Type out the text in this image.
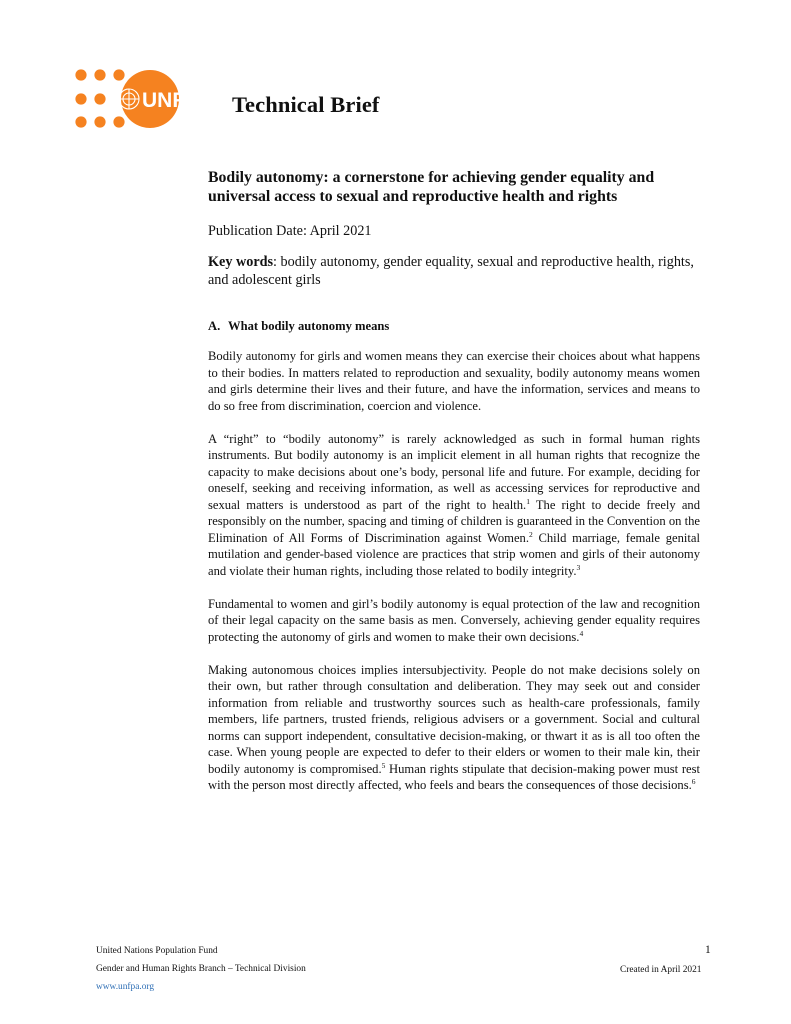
UNFPA Technical Brief
Bodily autonomy: a cornerstone for achieving gender equality and universal access to sexual and reproductive health and rights

Publication Date: April 2021

Key words: bodily autonomy, gender equality, sexual and reproductive health, rights, and adolescent girls

A. What bodily autonomy means

Bodily autonomy for girls and women means they can exercise their choices about what happens to their bodies. In matters related to reproduction and sexuality, bodily autonomy means women and girls determine their lives and their future, and have the information, services and means to do so free from discrimination, coercion and violence.

A “right” to “bodily autonomy” is rarely acknowledged as such in formal human rights instruments. But bodily autonomy is an implicit element in all human rights that recognize the capacity to make decisions about one’s body, personal life and future. For example, deciding for oneself, seeking and receiving information, as well as accessing services for reproductive and sexual matters is understood as part of the right to health.$^1$ The right to decide freely and responsibly on the number, spacing and timing of children is guaranteed in the Convention on the Elimination of All Forms of Discrimination against Women.$^2$ Child marriage, female genital mutilation and gender-based violence are practices that strip women and girls of their autonomy and violate their human rights, including those related to bodily integrity.$^3$

Fundamental to women and girl’s bodily autonomy is equal protection of the law and recognition of their legal capacity on the same basis as men. Conversely, achieving gender equality requires protecting the autonomy of girls and women to make their own decisions.$^4$

Making autonomous choices implies intersubjectivity. People do not make decisions solely on their own, but rather through consultation and deliberation. They may seek out and consider information from reliable and trustworthy sources such as health-care professionals, family members, life partners, trusted friends, religious advisers or a government. Social and cultural norms can support independent, consultative decision-making, or thwart it as is all too often the case. When young people are expected to defer to their elders or women to their male kin, their bodily autonomy is compromised.$^5$ Human rights stipulate that decision-making power must rest with the person most directly affected, who feels and bears the consequences of those decisions.$^6$

United Nations Population Fund
Gender and Human Rights Branch – Technical Division
www.unfpa.org
1
Created in April 2021
